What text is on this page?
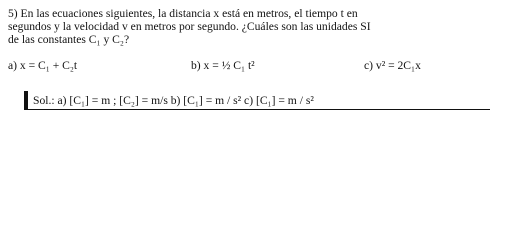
5) En las ecuaciones siguientes, la distancia x está en metros, el tiempo t en

segundos y la velocidad v en metros por segundo. ¿Cuáles son las unidades SI

de las constantes C₁ y C₂?

a) x = C₁ + C₂t	b) x = ½ C₁ t²	c) v² = 2C₁x
Sol.: a) [C₁] = m ; [C₂] = m/s b) [C₁] = m / s² c) [C₁] = m / s²
